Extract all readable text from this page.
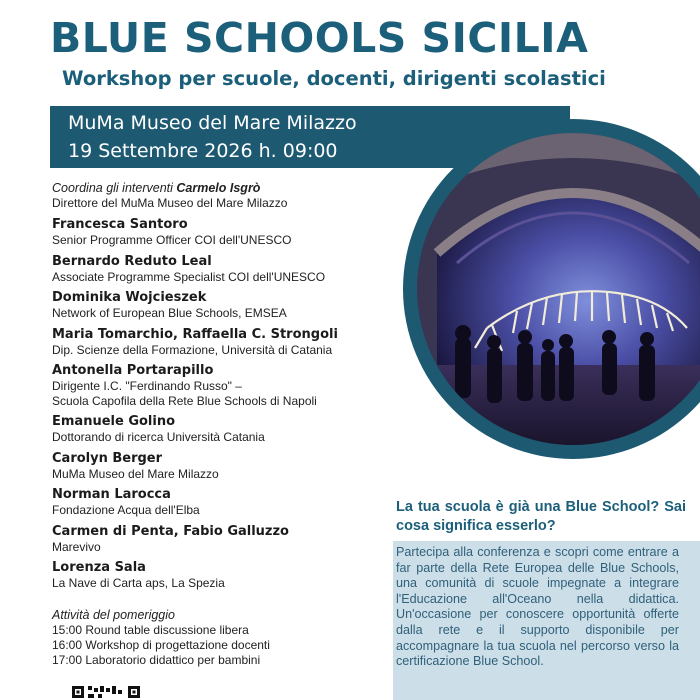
BLUE SCHOOLS SICILIA
Workshop per scuole, docenti, dirigenti scolastici
MuMa Museo del Mare Milazzo
19 Settembre 2026 h. 09:00
Coordina gli interventi Carmelo Isgrò
Direttore del MuMa Museo del Mare Milazzo
Francesca Santoro
Senior Programme Officer COI dell'UNESCO
Bernardo Reduto Leal
Associate Programme Specialist COI dell'UNESCO
Dominika Wojcieszek
Network of European Blue Schools, EMSEA
Maria Tomarchio, Raffaella C. Strongoli
Dip. Scienze della Formazione, Università di Catania
Antonella Portarapillo
Dirigente I.C. "Ferdinando Russo" –
Scuola Capofila della Rete Blue Schools di Napoli
Emanuele Golino
Dottorando di ricerca Università Catania
Carolyn Berger
MuMa Museo del Mare Milazzo
Norman Larocca
Fondazione Acqua dell'Elba
Carmen di Penta, Fabio Galluzzo
Marevivo
Lorenza Sala
La Nave di Carta aps, La Spezia
Attività del pomeriggio
15:00 Round table discussione libera
16:00 Workshop di progettazione docenti
17:00 Laboratorio didattico per bambini
La tua scuola è già una Blue School? Sai cosa significa esserlo?
Partecipa alla conferenza e scopri come entrare a far parte della Rete Europea delle Blue Schools, una comunità di scuole impegnate a integrare l'Educazione all'Oceano nella didattica. Un'occasione per conoscere opportunità offerte dalla rete e il supporto disponibile per accompagnare la tua scuola nel percorso verso la certificazione Blue School.
